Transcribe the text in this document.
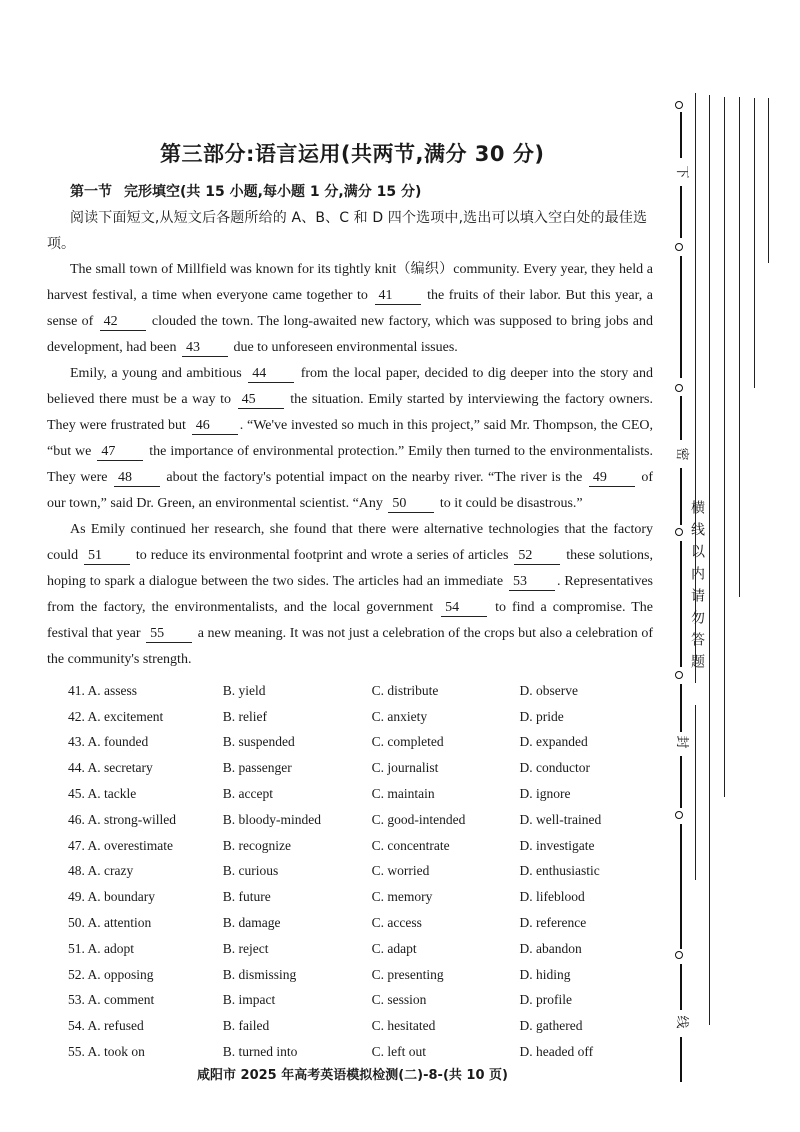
第三部分:语言运用(共两节,满分 30 分)
第一节 完形填空(共 15 小题,每小题 1 分,满分 15 分)
阅读下面短文,从短文后各题所给的 A、B、C 和 D 四个选项中,选出可以填入空白处的最佳选项。

The small town of Millfield was known for its tightly knit（编织）community. Every year, they held a harvest festival, a time when everyone came together to 41 the fruits of their labor. But this year, a sense of 42 clouded the town. The long-awaited new factory, which was supposed to bring jobs and development, had been 43 due to unforeseen environmental issues.

Emily, a young and ambitious 44 from the local paper, decided to dig deeper into the story and believed there must be a way to 45 the situation. Emily started by interviewing the factory owners. They were frustrated but 46 . “We've invested so much in this project,” said Mr. Thompson, the CEO, “but we 47 the importance of environmental protection.” Emily then turned to the environmentalists. They were 48 about the factory's potential impact on the nearby river. “The river is the 49 of our town,” said Dr. Green, an environmental scientist. “Any 50 to it could be disastrous.”

As Emily continued her research, she found that there were alternative technologies that the factory could 51 to reduce its environmental footprint and wrote a series of articles 52 these solutions, hoping to spark a dialogue between the two sides. The articles had an immediate 53 . Representatives from the factory, the environmentalists, and the local government 54 to find a compromise. The festival that year 55 a new meaning. It was not just a celebration of the crops but also a celebration of the community's strength.

41. A. assess	B. yield	C. distribute	D. observe
42. A. excitement	B. relief	C. anxiety	D. pride
43. A. founded	B. suspended	C. completed	D. expanded
44. A. secretary	B. passenger	C. journalist	D. conductor
45. A. tackle	B. accept	C. maintain	D. ignore
46. A. strong-willed	B. bloody-minded	C. good-intended	D. well-trained
47. A. overestimate	B. recognize	C. concentrate	D. investigate
48. A. crazy	B. curious	C. worried	D. enthusiastic
49. A. boundary	B. future	C. memory	D. lifeblood
50. A. attention	B. damage	C. access	D. reference
51. A. adopt	B. reject	C. adapt	D. abandon
52. A. opposing	B. dismissing	C. presenting	D. hiding
53. A. comment	B. impact	C. session	D. profile
54. A. refused	B. failed	C. hesitated	D. gathered
55. A. took on	B. turned into	C. left out	D. headed off
咸阳市 2025 年高考英语模拟检测(二)-8-(共 10 页)
下
密
封
线
横线以内请勿答题
